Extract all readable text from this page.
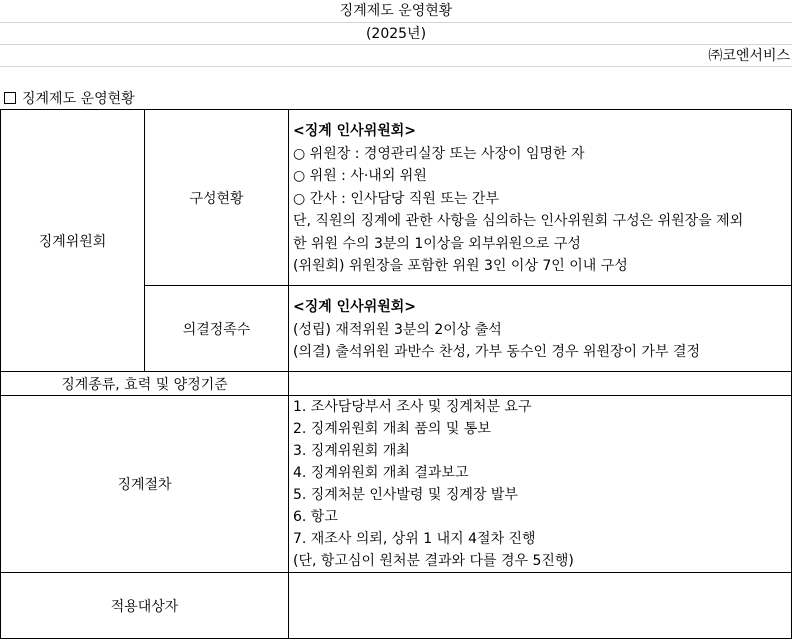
징계제도 운영현황
(2025년)
㈜코엔서비스
징계제도 운영현황
징계위원회
구성현황
<징계 인사위원회>
○ 위원장 : 경영관리실장 또는 사장이 임명한 자
○ 위원 : 사·내외 위원
○ 간사 : 인사담당 직원 또는 간부
단, 직원의 징계에 관한 사항을 심의하는 인사위원회 구성은 위원장을 제외
한 위원 수의 3분의 1이상을 외부위원으로 구성
(위원회) 위원장을 포함한 위원 3인 이상 7인 이내 구성
의결정족수
<징계 인사위원회>
(성립) 재적위원 3분의 2이상 출석
(의결) 출석위원 과반수 찬성, 가부 동수인 경우 위원장이 가부 결정
징계종류, 효력 및 양정기준
징계절차
1. 조사담당부서 조사 및 징계처분 요구
2. 징계위원회 개최 품의 및 통보
3. 징계위원회 개최
4. 징계위원회 개최 결과보고
5. 징계처분 인사발령 및 징계장 발부
6. 항고
7. 재조사 의뢰, 상위 1 내지 4절차 진행
(단, 항고심이 원처분 결과와 다를 경우 5진행)
적용대상자
